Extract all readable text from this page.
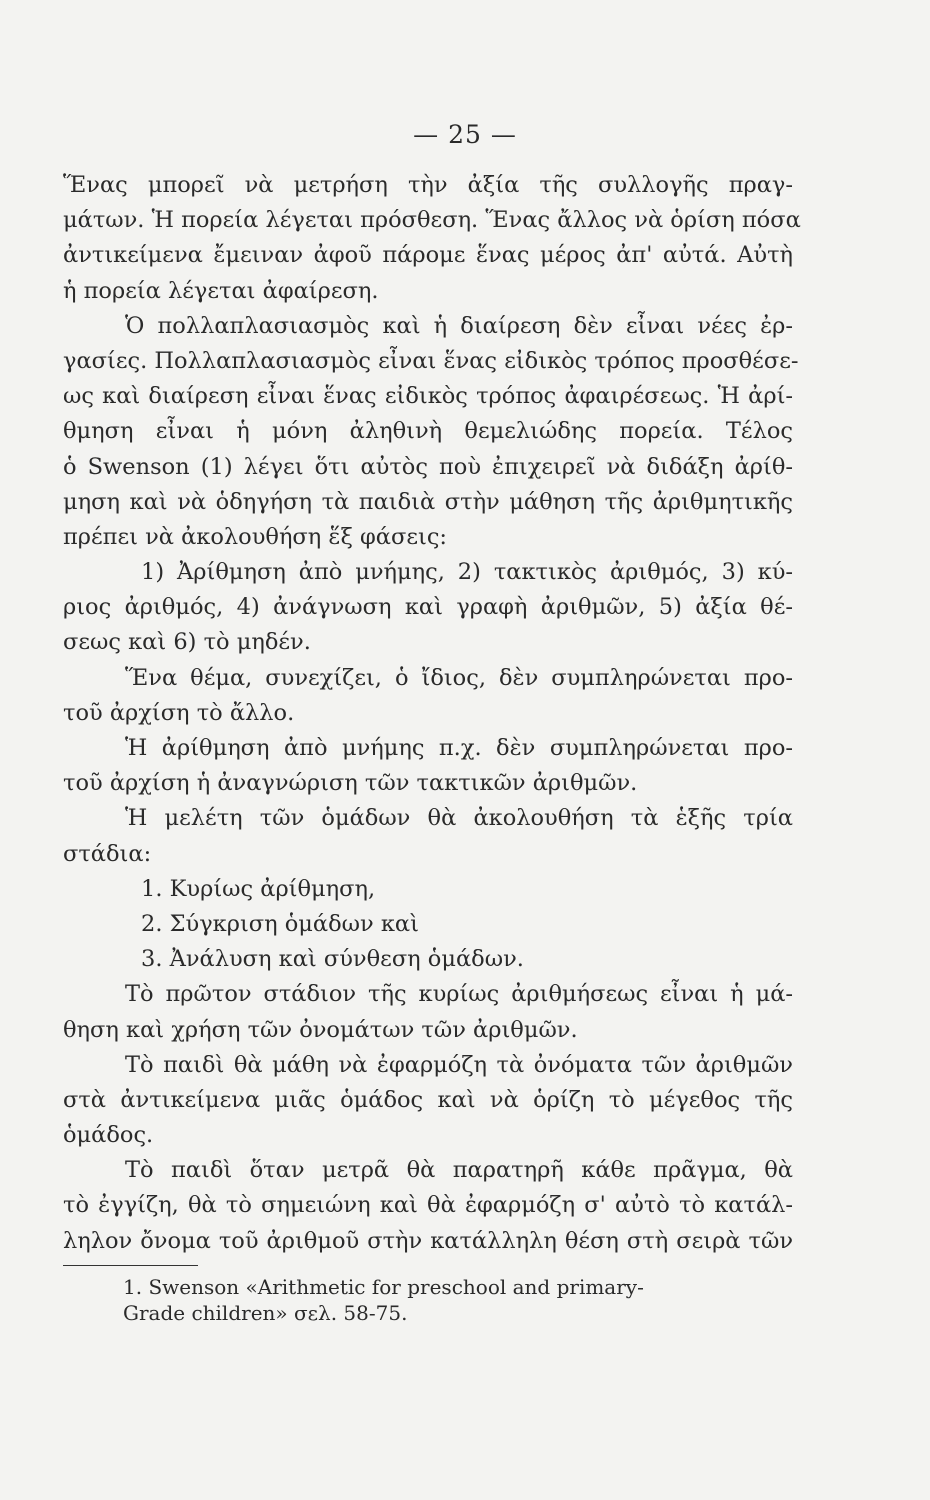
— 25 —
Ἕνας μπορεῖ νὰ μετρήση τὴν ἀξία τῆς συλλογῆς πραγ-
μάτων. Ἡ πορεία λέγεται πρόσθεση. Ἕνας ἄλλος νὰ ὁρίση πόσα
ἀντικείμενα ἔμειναν ἀφοῦ πάρομε ἕνας μέρος ἀπ' αὐτά. Αὐτὴ
ἡ πορεία λέγεται ἀφαίρεση.
Ὁ πολλαπλασιασμὸς καὶ ἡ διαίρεση δὲν εἶναι νέες ἐρ-
γασίες. Πολλαπλασιασμὸς εἶναι ἕνας εἰδικὸς τρόπος προσθέσε-
ως καὶ διαίρεση εἶναι ἕνας εἰδικὸς τρόπος ἀφαιρέσεως. Ἡ ἀρί-
θμηση εἶναι ἡ μόνη ἀληθινὴ θεμελιώδης πορεία. Τέλος
ὁ Swenson (1) λέγει ὅτι αὐτὸς ποὺ ἐπιχειρεῖ νὰ διδάξη ἀρίθ-
μηση καὶ νὰ ὁδηγήση τὰ παιδιὰ στὴν μάθηση τῆς ἀριθμητικῆς
πρέπει νὰ ἀκολουθήση ἕξ φάσεις:
1) Ἀρίθμηση ἀπὸ μνήμης, 2) τακτικὸς ἀριθμός, 3) κύ-
ριος ἀριθμός, 4) ἀνάγνωση καὶ γραφὴ ἀριθμῶν, 5) ἀξία θέ-
σεως καὶ 6) τὸ μηδέν.
Ἕνα θέμα, συνεχίζει, ὁ ἴδιος, δὲν συμπληρώνεται προ-
τοῦ ἀρχίση τὸ ἄλλο.
Ἡ ἀρίθμηση ἀπὸ μνήμης π.χ. δὲν συμπληρώνεται προ-
τοῦ ἀρχίση ἡ ἀναγνώριση τῶν τακτικῶν ἀριθμῶν.
Ἡ μελέτη τῶν ὁμάδων θὰ ἀκολουθήση τὰ ἑξῆς τρία
στάδια:
1. Κυρίως ἀρίθμηση,
2. Σύγκριση ὁμάδων καὶ
3. Ἀνάλυση καὶ σύνθεση ὁμάδων.
Τὸ πρῶτον στάδιον τῆς κυρίως ἀριθμήσεως εἶναι ἡ μά-
θηση καὶ χρήση τῶν ὀνομάτων τῶν ἀριθμῶν.
Τὸ παιδὶ θὰ μάθη νὰ ἐφαρμόζη τὰ ὀνόματα τῶν ἀριθμῶν
στὰ ἀντικείμενα μιᾶς ὁμάδος καὶ νὰ ὁρίζη τὸ μέγεθος τῆς
ὁμάδος.
Τὸ παιδὶ ὅταν μετρᾶ θὰ παρατηρῆ κάθε πρᾶγμα, θὰ
τὸ ἐγγίζη, θὰ τὸ σημειώνη καὶ θὰ ἐφαρμόζη σ' αὐτὸ τὸ κατάλ-
ληλον ὄνομα τοῦ ἀριθμοῦ στὴν κατάλληλη θέση στὴ σειρὰ τῶν
1. Swenson «Arithmetic for preschool and primary-
Grade children» σελ. 58-75.
